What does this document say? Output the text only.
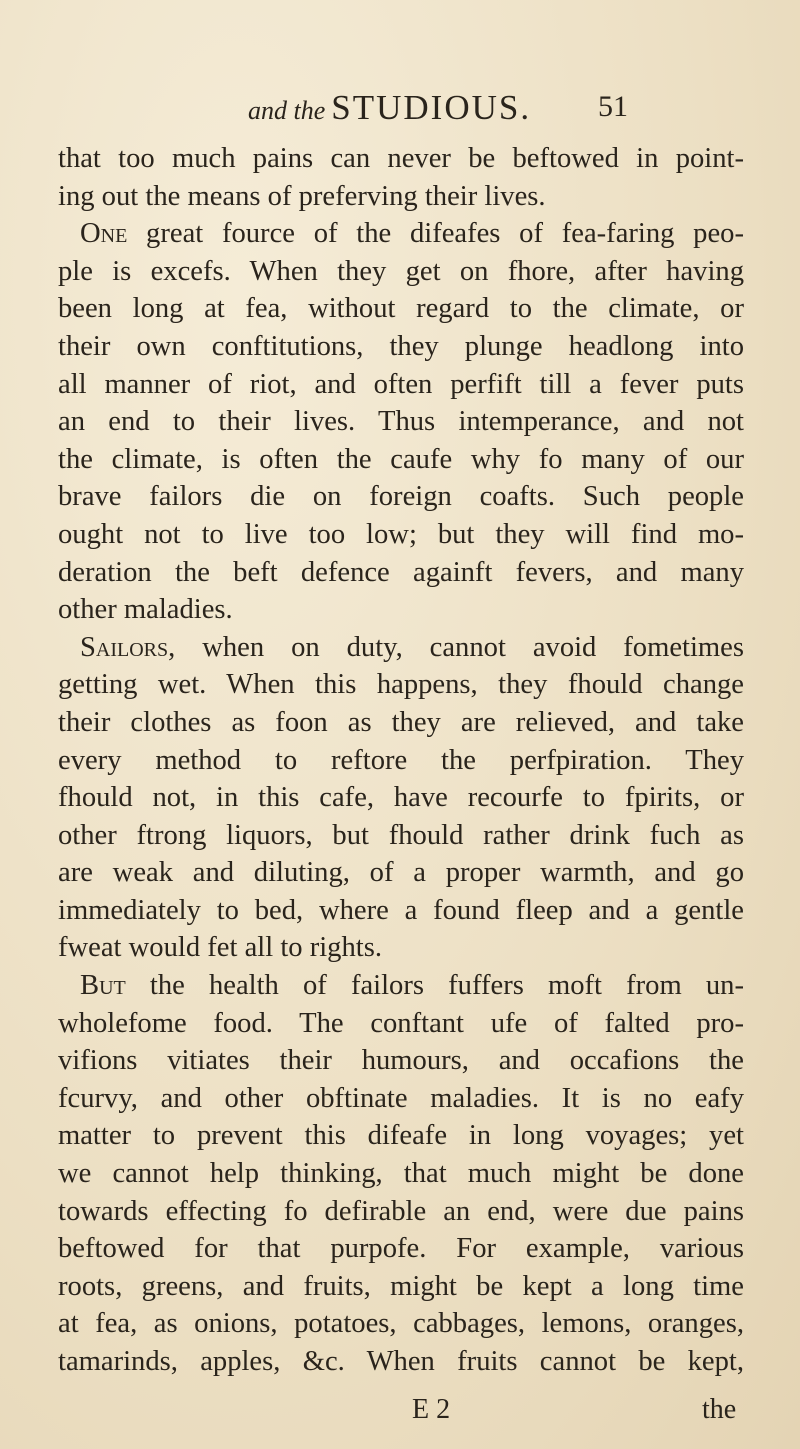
and the STUDIOUS. 51
that too much pains can never be beftowed in point-
ing out the means of preferving their lives.
One great fource of the difeafes of fea-faring peo-
ple is excefs. When they get on fhore, after having
been long at fea, without regard to the climate, or
their own conftitutions, they plunge headlong into
all manner of riot, and often perfift till a fever puts
an end to their lives. Thus intemperance, and not
the climate, is often the caufe why fo many of our
brave failors die on foreign coafts. Such people
ought not to live too low; but they will find mo-
deration the beft defence againft fevers, and many
other maladies.
Sailors, when on duty, cannot avoid fometimes
getting wet. When this happens, they fhould change
their clothes as foon as they are relieved, and take
every method to reftore the perfpiration. They
fhould not, in this cafe, have recourfe to fpirits, or
other ftrong liquors, but fhould rather drink fuch as
are weak and diluting, of a proper warmth, and go
immediately to bed, where a found fleep and a gentle
fweat would fet all to rights.
But the health of failors fuffers moft from un-
wholefome food. The conftant ufe of falted pro-
vifions vitiates their humours, and occafions the
fcurvy, and other obftinate maladies. It is no eafy
matter to prevent this difeafe in long voyages; yet
we cannot help thinking, that much might be done
towards effecting fo defirable an end, were due pains
beftowed for that purpofe. For example, various
roots, greens, and fruits, might be kept a long time
at fea, as onions, potatoes, cabbages, lemons, oranges,
tamarinds, apples, &c. When fruits cannot be kept,
E 2	the
